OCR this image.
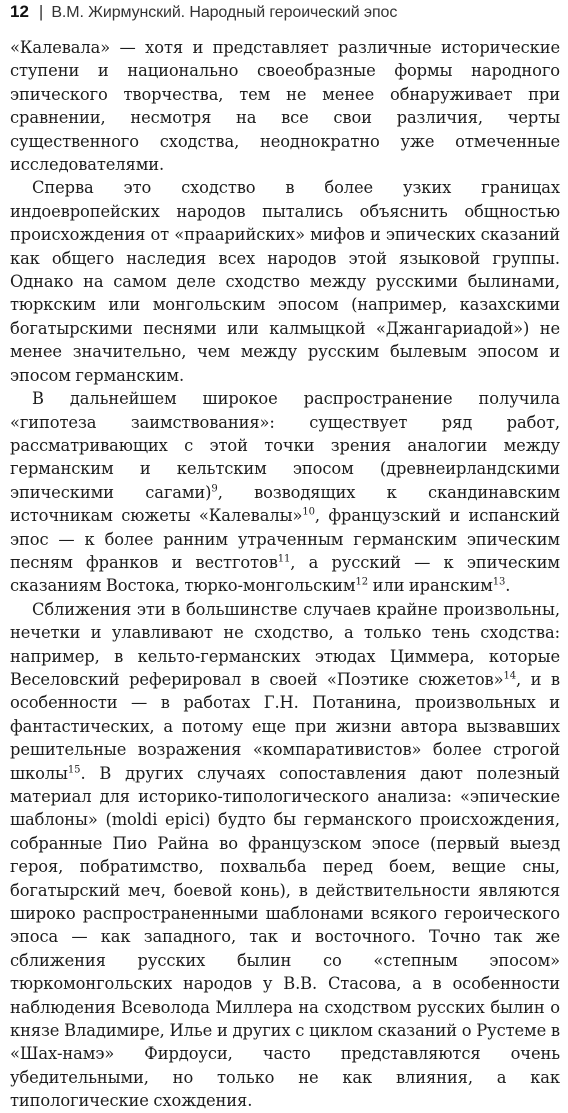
12 | В.М. Жирмунский. Народный героический эпос

«Калевала» — хотя и представляет различные исторические ступени и национально своеобразные формы народного эпического творчества, тем не менее обнаруживает при сравнении, несмотря на все свои различия, черты существенного сходства, неоднократно уже отмеченные исследователями.

Сперва это сходство в более узких границах индоевропейских народов пытались объяснить общностью происхождения от «праарийских» мифов и эпических сказаний как общего наследия всех народов этой языковой группы. Однако на самом деле сходство между русскими былинами, тюркским или монгольским эпосом (например, казахскими богатырскими песнями или калмыцкой «Джангариадой») не менее значительно, чем между русским былевым эпосом и эпосом германским.

В дальнейшем широкое распространение получила «гипотеза заимствования»: существует ряд работ, рассматривающих с этой точки зрения аналогии между германским и кельтским эпосом (древнеирландскими эпическими сагами)$^9$, возводящих к скандинавским источникам сюжеты «Калевалы»$^{10}$, французский и испанский эпос — к более ранним утраченным германским эпическим песням франков и вестготов$^{11}$, а русский — к эпическим сказаниям Востока, тюрко-монгольским$^{12}$ или иранским$^{13}$.

Сближения эти в большинстве случаев крайне произвольны, нечетки и улавливают не сходство, а только тень сходства: например, в кельто-германских этюдах Циммера, которые Веселовский реферировал в своей «Поэтике сюжетов»$^{14}$, и в особенности — в работах Г.Н. Потанина, произвольных и фантастических, а потому еще при жизни автора вызвавших решительные возражения «компаративистов» более строгой школы$^{15}$. В других случаях сопоставления дают полезный материал для историко-типологического анализа: «эпические шаблоны» (moldi epici) будто бы германского происхождения, собранные Пио Райна во французском эпосе (первый выезд героя, побратимство, похвальба перед боем, вещие сны, богатырский меч, боевой конь), в действительности являются широко распространенными шаблонами всякого героического эпоса — как западного, так и восточного. Точно так же сближения русских былин со «степным эпосом» тюркомонгольских народов у В.В. Стасова, а в особенности наблюдения Всеволода Миллера на сходством русских былин о князе Владимире, Илье и других с циклом сказаний о Рустеме в «Шах-намэ» Фирдоуси, часто представляются очень убедительными, но только не как влияния, а как типологические схождения.
